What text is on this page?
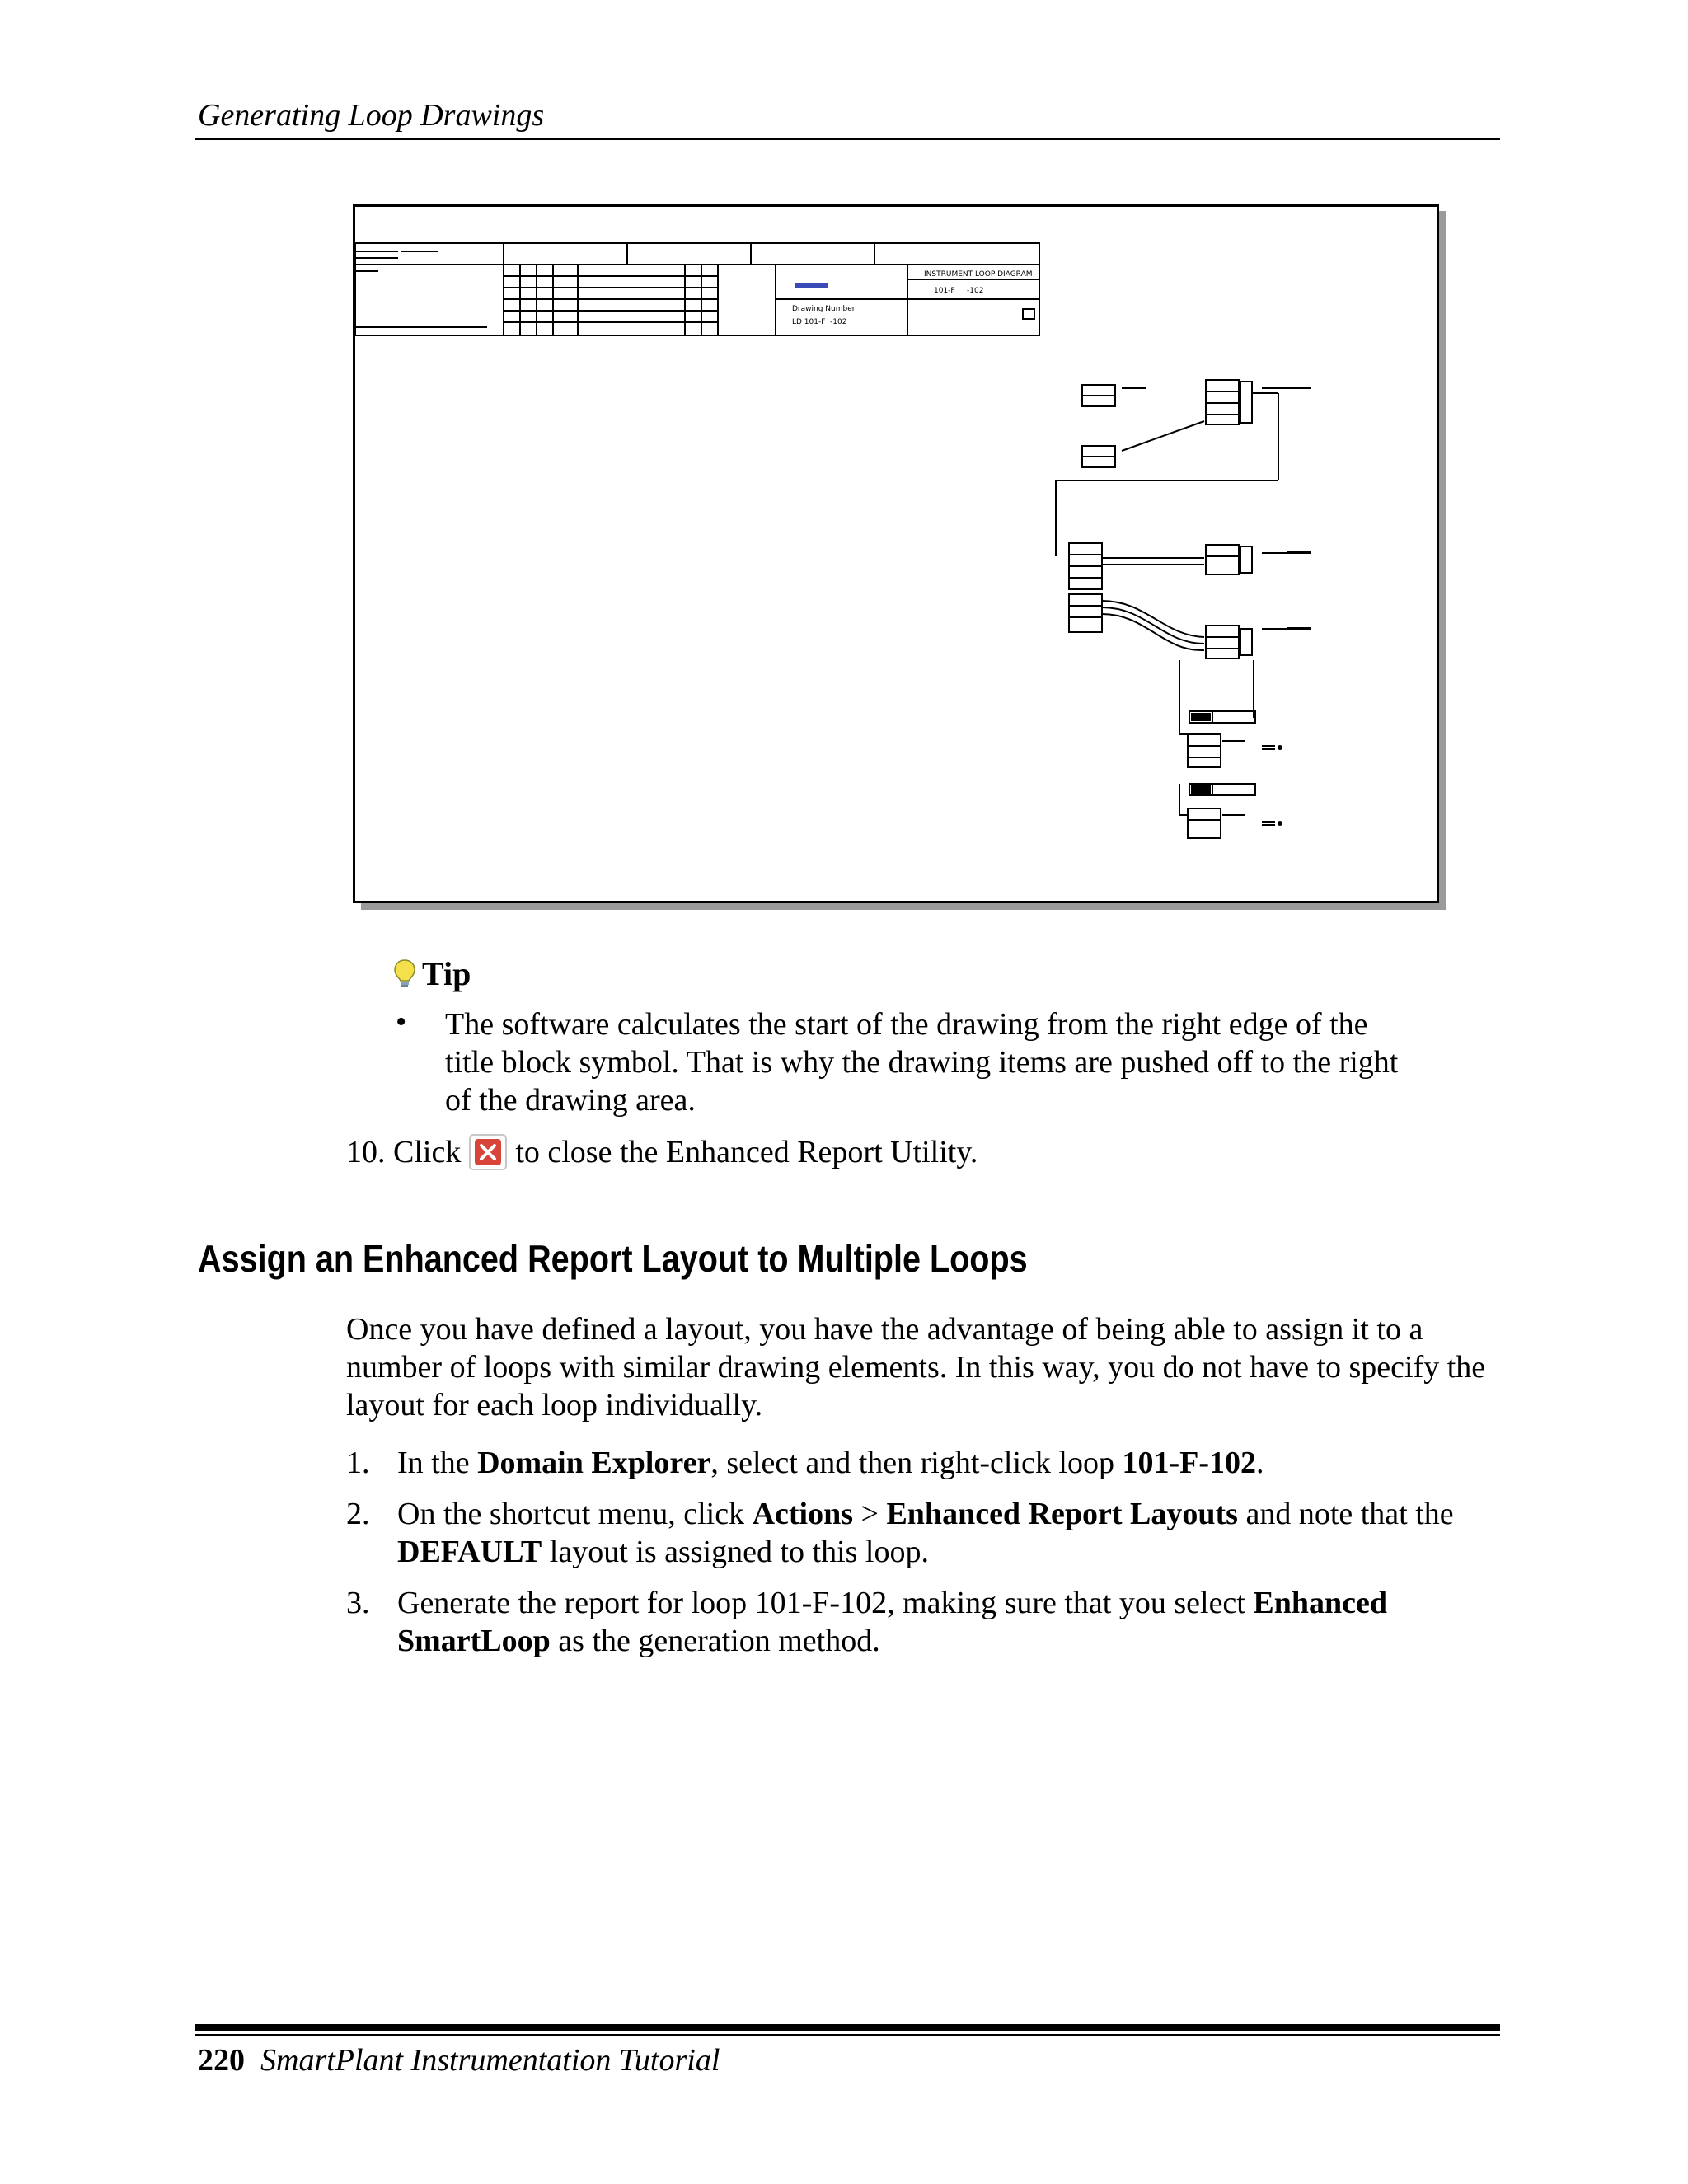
Generating Loop Drawings
INSTRUMENT LOOP DIAGRAM
101-F -102
Drawing Number
LD 101-F -102
Tip
• The software calculates the start of the drawing from the right edge of the title block symbol. That is why the drawing items are pushed off to the right of the drawing area.
10.
Click to close the Enhanced Report Utility.
Assign an Enhanced Report Layout to Multiple Loops
Once you have defined a layout, you have the advantage of being able to assign it to a number of loops with similar drawing elements. In this way, you do not have to specify the layout for each loop individually.
1. In the Domain Explorer, select and then right-click loop 101-F-102.
2. On the shortcut menu, click Actions > Enhanced Report Layouts and note that the DEFAULT layout is assigned to this loop.
3. Generate the report for loop 101-F-102, making sure that you select Enhanced SmartLoop as the generation method.
220 SmartPlant Instrumentation Tutorial
